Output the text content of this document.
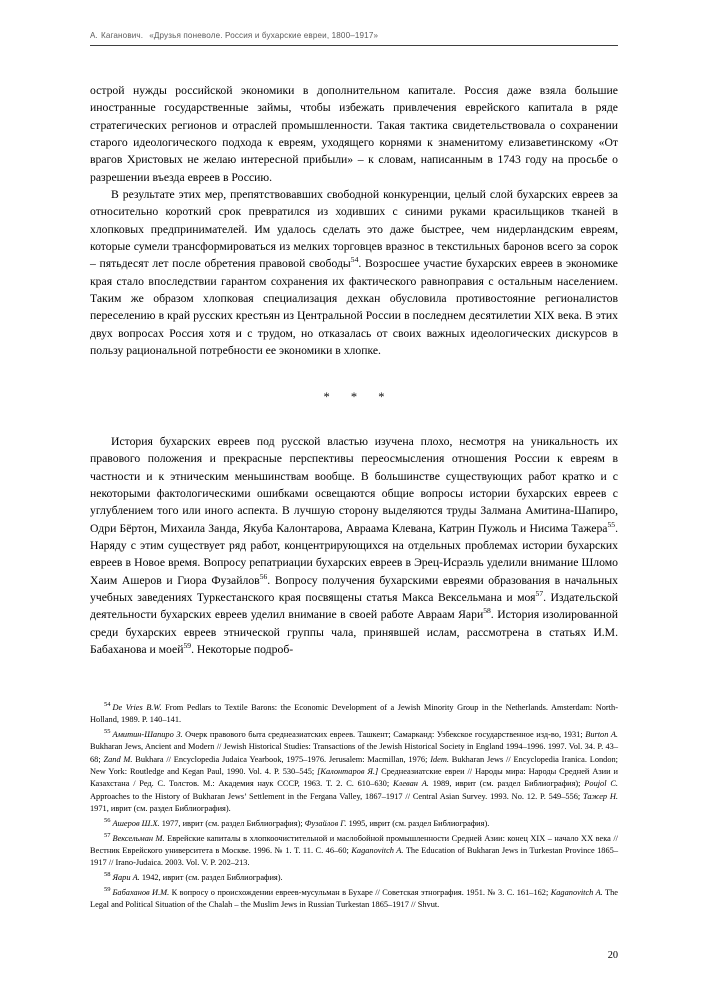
А. Каганович. «Друзья поневоле. Россия и бухарские евреи, 1800–1917»

острой нужды российской экономики в дополнительном капитале. Россия даже взяла большие иностранные государственные займы, чтобы избежать привлечения еврейского капитала в ряде стратегических регионов и отраслей промышленности. Такая тактика свидетельствовала о сохранении старого идеологического подхода к евреям, уходящего корнями к знаменитому елизаветинскому «От врагов Христовых не желаю интересной прибыли» – к словам, написанным в 1743 году на просьбе о разрешении въезда евреев в Россию.

В результате этих мер, препятствовавших свободной конкуренции, целый слой бухарских евреев за относительно короткий срок превратился из ходивших с синими руками красильщиков тканей в хлопковых предпринимателей. Им удалось сделать это даже быстрее, чем нидерландским евреям, которые сумели трансформироваться из мелких торговцев вразнос в текстильных баронов всего за сорок – пятьдесят лет после обретения правовой свободы$^{54}$. Возросшее участие бухарских евреев в экономике края стало впоследствии гарантом сохранения их фактического равноправия с остальным населением. Таким же образом хлопковая специализация дехкан обусловила противостояние регионалистов переселению в край русских крестьян из Центральной России в последнем десятилетии XIX века. В этих двух вопросах Россия хотя и с трудом, но отказалась от своих важных идеологических дискурсов в пользу рациональной потребности ее экономики в хлопке.

* * *

История бухарских евреев под русской властью изучена плохо, несмотря на уникальность их правового положения и прекрасные перспективы переосмысления отношения России к евреям в частности и к этническим меньшинствам вообще. В большинстве существующих работ кратко и с некоторыми фактологическими ошибками освещаются общие вопросы истории бухарских евреев с углублением того или иного аспекта. В лучшую сторону выделяются труды Залмана Амитина-Шапиро, Одри Бёртон, Михаила Занда, Якуба Калонтарова, Авраама Клевана, Катрин Пужоль и Нисима Тажера$^{55}$. Наряду с этим существует ряд работ, концентрирующихся на отдельных проблемах истории бухарских евреев в Новое время. Вопросу репатриации бухарских евреев в Эрец-Исраэль уделили внимание Шломо Хаим Ашеров и Гиора Фузайлов$^{56}$. Вопросу получения бухарскими евреями образования в начальных учебных заведениях Туркестанского края посвящены статья Макса Вексельмана и моя$^{57}$. Издательской деятельности бухарских евреев уделил внимание в своей работе Авраам Яари$^{58}$. История изолированной среди бухарских евреев этнической группы чала, принявшей ислам, рассмотрена в статьях И.М. Бабаханова и моей$^{59}$. Некоторые подроб-

$^{54}$ De Vries B.W. From Pedlars to Textile Barons: the Economic Development of a Jewish Minority Group in the Netherlands. Amsterdam: North-Holland, 1989. P. 140–141.

$^{55}$ Амитин-Шапиро З. Очерк правового быта среднеазиатских евреев. Ташкент; Самарканд: Узбекское государственное изд-во, 1931; Burton A. Bukharan Jews, Ancient and Modern // Jewish Historical Studies: Transactions of the Jewish Historical Society in England 1994–1996. 1997. Vol. 34. P. 43–68; Zand M. Bukhara // Encyclopedia Judaica Yearbook, 1975–1976. Jerusalem: Macmillan, 1976; Idem. Bukharan Jews // Encyclopedia Iranica. London; New York: Routledge and Kegan Paul, 1990. Vol. 4. P. 530–545; [Калонтаров Я.] Среднеазиатские евреи // Народы мира: Народы Средней Азии и Казахстана / Ред. С. Толстов. М.: Академия наук СССР, 1963. Т. 2. С. 610–630; Клеван А. 1989, иврит (см. раздел Библиография); Poujol C. Approaches to the History of Bukharan Jews’ Settlement in the Fergana Valley, 1867–1917 // Central Asian Survey. 1993. No. 12. P. 549–556; Тажер Н. 1971, иврит (см. раздел Библиография).

$^{56}$ Ашеров Ш.Х. 1977, иврит (см. раздел Библиография); Фузайлов Г. 1995, иврит (см. раздел Библиография).

$^{57}$ Вексельман М. Еврейские капиталы в хлопкоочистительной и маслобойной промышленности Средней Азии: конец XIX – начало XX века // Вестник Еврейского университета в Москве. 1996. № 1. Т. 11. С. 46–60; Kaganovitch A. The Education of Bukharan Jews in Turkestan Province 1865–1917 // Irano-Judaica. 2003. Vol. V. P. 202–213.

$^{58}$ Яари А. 1942, иврит (см. раздел Библиография).

$^{59}$ Бабаханов И.М. К вопросу о происхождении евреев-мусульман в Бухаре // Советская этнография. 1951. № 3. С. 161–162; Kaganovitch A. The Legal and Political Situation of the Chalah – the Muslim Jews in Russian Turkestan 1865–1917 // Shvut.

20
